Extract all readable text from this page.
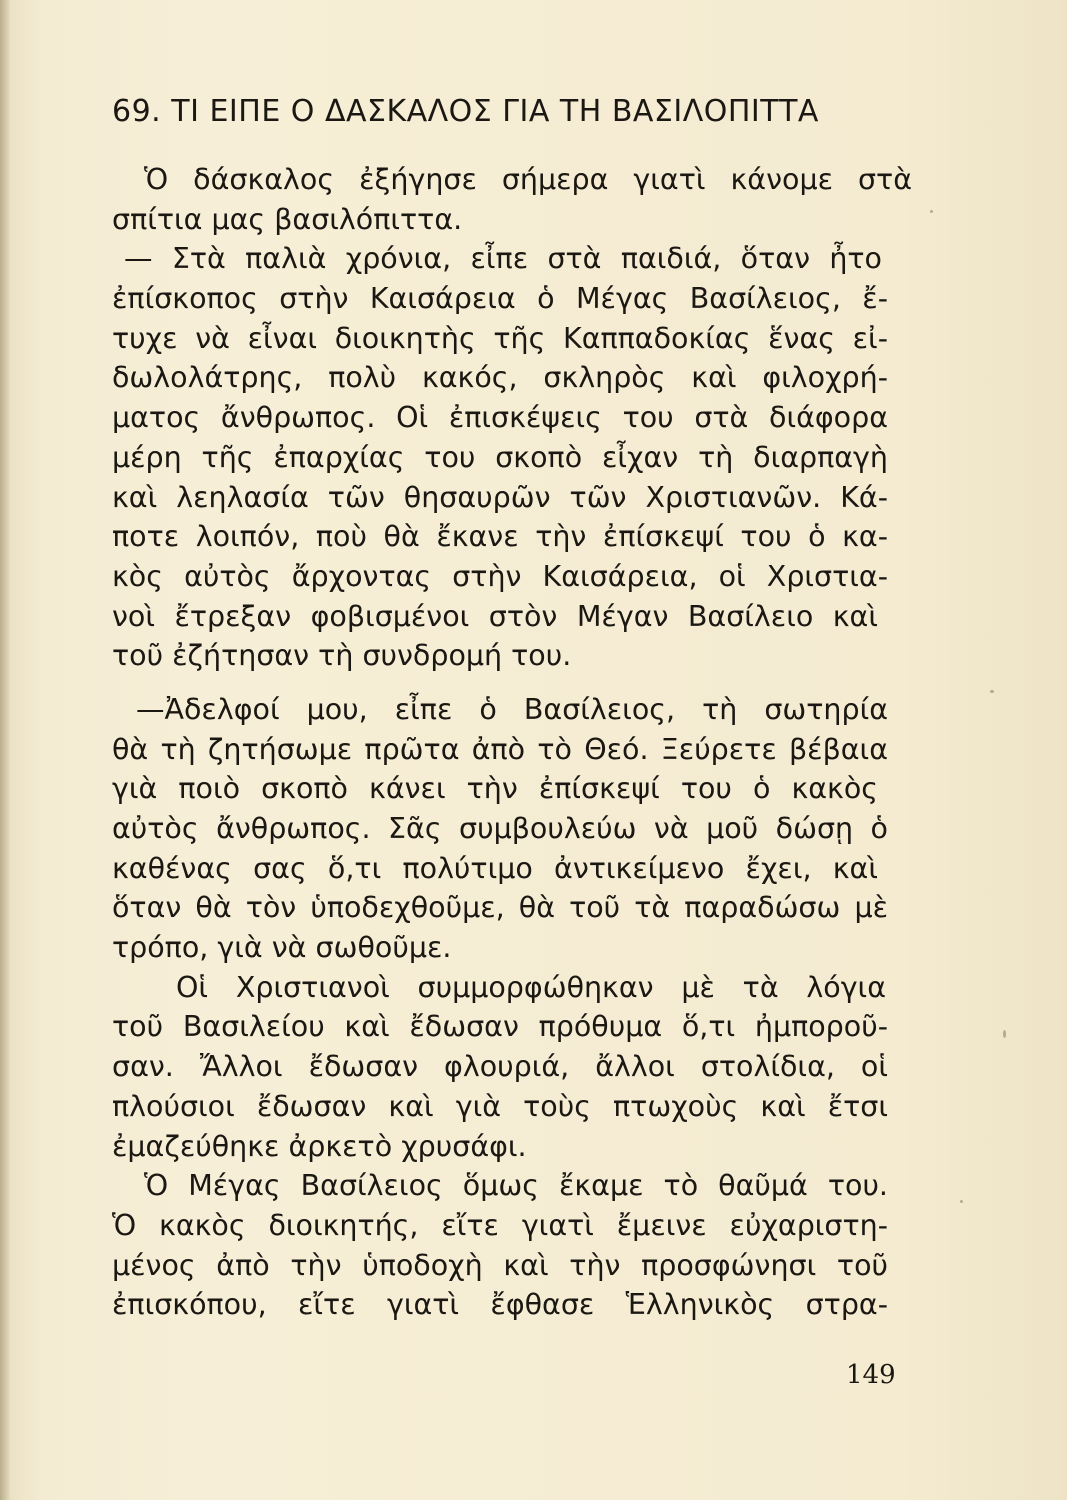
69. ΤΙ ΕΙΠΕ Ο ΔΑΣΚΑΛΟΣ ΓΙΑ ΤΗ ΒΑΣΙΛΟΠΙΤΤΑ
Ὁ δάσκαλος ἐξήγησε σήμερα γιατὶ κάνομε στὰ
σπίτια μας βασιλόπιττα.
— Στὰ παλιὰ χρόνια, εἶπε στὰ παιδιά, ὅταν ἦτο
ἐπίσκοπος στὴν Καισάρεια ὁ Μέγας Βασίλειος, ἔ-
τυχε νὰ εἶναι διοικητὴς τῆς Καππαδοκίας ἕνας εἰ-
δωλολάτρης, πολὺ κακός, σκληρὸς καὶ φιλοχρή-
ματος ἄνθρωπος. Οἱ ἐπισκέψεις του στὰ διάφορα
μέρη τῆς ἐπαρχίας του σκοπὸ εἶχαν τὴ διαρπαγὴ
καὶ λεηλασία τῶν θησαυρῶν τῶν Χριστιανῶν. Κά-
ποτε λοιπόν, ποὺ θὰ ἔκανε τὴν ἐπίσκεψί του ὁ κα-
κὸς αὐτὸς ἄρχοντας στὴν Καισάρεια, οἱ Χριστια-
νοὶ ἔτρεξαν φοβισμένοι στὸν Μέγαν Βασίλειο καὶ
τοῦ ἐζήτησαν τὴ συνδρομή του.
—Ἀδελφοί μου, εἶπε ὁ Βασίλειος, τὴ σωτηρία
θὰ τὴ ζητήσωμε πρῶτα ἀπὸ τὸ Θεό. Ξεύρετε βέβαια
γιὰ ποιὸ σκοπὸ κάνει τὴν ἐπίσκεψί του ὁ κακὸς
αὐτὸς ἄνθρωπος. Σᾶς συμβουλεύω νὰ μοῦ δώσῃ ὁ
καθένας σας ὅ,τι πολύτιμο ἀντικείμενο ἔχει, καὶ
ὅταν θὰ τὸν ὑποδεχθοῦμε, θὰ τοῦ τὰ παραδώσω μὲ
τρόπο, γιὰ νὰ σωθοῦμε.
Οἱ Χριστιανοὶ συμμορφώθηκαν μὲ τὰ λόγια
τοῦ Βασιλείου καὶ ἔδωσαν πρόθυμα ὅ,τι ἠμποροῦ-
σαν. Ἄλλοι ἔδωσαν φλουριά, ἄλλοι στολίδια, οἱ
πλούσιοι ἔδωσαν καὶ γιὰ τοὺς πτωχοὺς καὶ ἔτσι
ἐμαζεύθηκε ἀρκετὸ χρυσάφι.
Ὁ Μέγας Βασίλειος ὅμως ἔκαμε τὸ θαῦμά του.
Ὁ κακὸς διοικητής, εἴτε γιατὶ ἔμεινε εὐχαριστη-
μένος ἀπὸ τὴν ὑποδοχὴ καὶ τὴν προσφώνησι τοῦ
ἐπισκόπου, εἴτε γιατὶ ἔφθασε Ἑλληνικὸς στρα-
149
